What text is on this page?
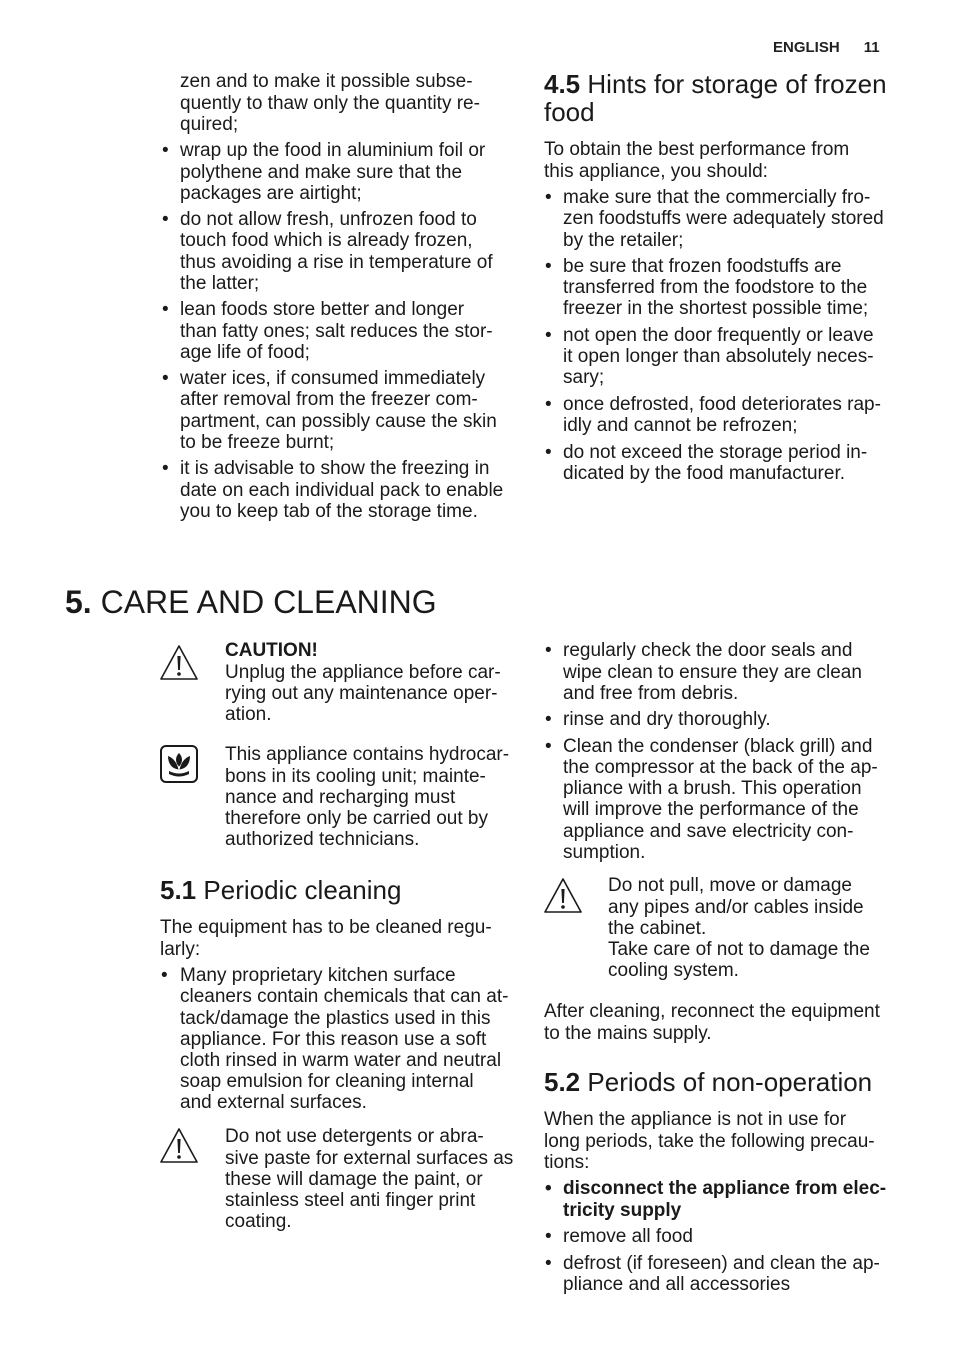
ENGLISH 11
zen and to make it possible subse-
quently to thaw only the quantity re-
quired;
• wrap up the food in aluminium foil or
polythene and make sure that the
packages are airtight;
• do not allow fresh, unfrozen food to
touch food which is already frozen,
thus avoiding a rise in temperature of
the latter;
• lean foods store better and longer
than fatty ones; salt reduces the stor-
age life of food;
• water ices, if consumed immediately
after removal from the freezer com-
partment, can possibly cause the skin
to be freeze burnt;
• it is advisable to show the freezing in
date on each individual pack to enable
you to keep tab of the storage time.
4.5 Hints for storage of frozen
food
To obtain the best performance from
this appliance, you should:
• make sure that the commercially fro-
zen foodstuffs were adequately stored
by the retailer;
• be sure that frozen foodstuffs are
transferred from the foodstore to the
freezer in the shortest possible time;
• not open the door frequently or leave
it open longer than absolutely neces-
sary;
• once defrosted, food deteriorates rap-
idly and cannot be refrozen;
• do not exceed the storage period in-
dicated by the food manufacturer.
5. CARE AND CLEANING
CAUTION!
Unplug the appliance before car-
rying out any maintenance oper-
ation.
This appliance contains hydrocar-
bons in its cooling unit; mainte-
nance and recharging must
therefore only be carried out by
authorized technicians.
5.1 Periodic cleaning
The equipment has to be cleaned regu-
larly:
• Many proprietary kitchen surface
cleaners contain chemicals that can at-
tack/damage the plastics used in this
appliance. For this reason use a soft
cloth rinsed in warm water and neutral
soap emulsion for cleaning internal
and external surfaces.
Do not use detergents or abra-
sive paste for external surfaces as
these will damage the paint, or
stainless steel anti finger print
coating.
• regularly check the door seals and
wipe clean to ensure they are clean
and free from debris.
• rinse and dry thoroughly.
• Clean the condenser (black grill) and
the compressor at the back of the ap-
pliance with a brush. This operation
will improve the performance of the
appliance and save electricity con-
sumption.
Do not pull, move or damage
any pipes and/or cables inside
the cabinet.
Take care of not to damage the
cooling system.
After cleaning, reconnect the equipment
to the mains supply.
5.2 Periods of non-operation
When the appliance is not in use for
long periods, take the following precau-
tions:
• disconnect the appliance from elec-
tricity supply
• remove all food
• defrost (if foreseen) and clean the ap-
pliance and all accessories
